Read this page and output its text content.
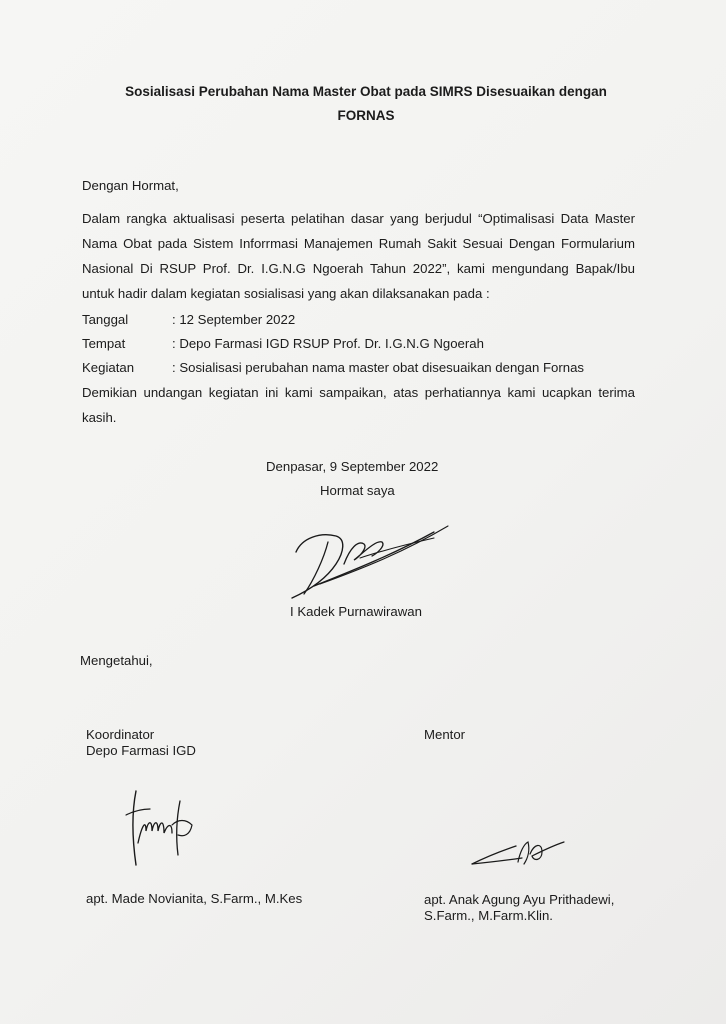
Sosialisasi Perubahan Nama Master Obat pada SIMRS Disesuaikan dengan
FORNAS
Dengan Hormat,
Dalam rangka aktualisasi peserta pelatihan dasar yang berjudul “Optimalisasi Data Master
Nama Obat pada Sistem Inforrmasi Manajemen Rumah Sakit Sesuai Dengan Formularium
Nasional Di RSUP Prof. Dr. I.G.N.G Ngoerah Tahun 2022”, kami mengundang Bapak/Ibu
untuk hadir dalam kegiatan sosialisasi yang akan dilaksanakan pada :
Tanggal	: 12 September 2022
Tempat	: Depo Farmasi IGD RSUP Prof. Dr. I.G.N.G Ngoerah
Kegiatan	: Sosialisasi perubahan nama master obat disesuaikan dengan Fornas
Demikian undangan kegiatan ini kami sampaikan, atas perhatiannya kami ucapkan terima
kasih.
Denpasar, 9 September 2022
Hormat saya
I Kadek Purnawirawan
Mengetahui,
Koordinator
Depo Farmasi IGD
Mentor
apt. Made Novianita, S.Farm., M.Kes	apt. Anak Agung Ayu Prithadewi,
S.Farm., M.Farm.Klin.
